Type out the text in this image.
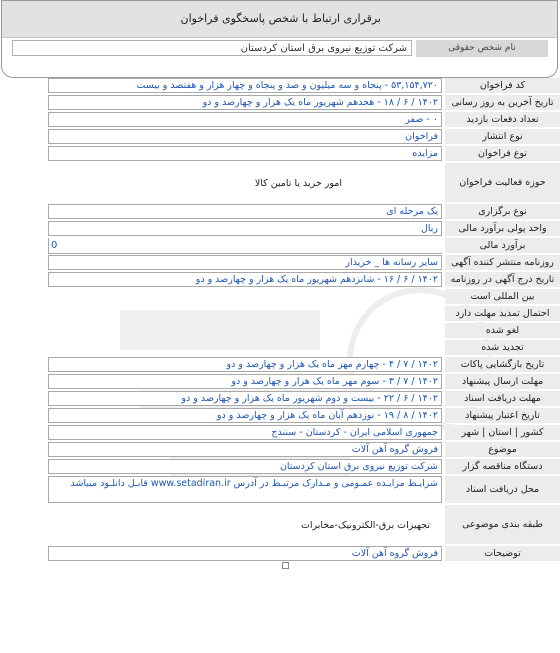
برقراری ارتباط با شخص پاسخگوی فراخوان
شرکت توزیع نیروی برق استان کردستان	نام شخص حقوقی
کد فراخوان
۵۳,۱۵۴,۷۲۰ - پنجاه و سه میلیون و صد و پنجاه و چهار هزار و هفتصد و بیست
تاریخ آخرین به روز رسانی
۱۴۰۲ / ۶ / ۱۸ - هجدهم شهریور ماه یک هزار و چهارصد و دو
تعداد دفعات بازدید
۰ - صفر
نوع انتشار
فراخوان
نوع فراخوان
مزایده
حوزه فعالیت فراخوان
امور خرید یا تامین کالا
نوع برگزاری
یک مرحله ای
واحد پولی برآورد مالی
ریال
برآورد مالی
0
روزنامه منتشر کننده آگهی
سایر رسانه ها _ خریدار
تاریخ درج آگهی در روزنامه
۱۴۰۲ / ۶ / ۱۶ - شانزدهم شهریور ماه یک هزار و چهارصد و دو
بین المللی است
احتمال تمدید مهلت دارد
لغو شده
تجدید شده
تاریخ بازگشایی پاکات
۱۴۰۲ / ۷ / ۴ - چهارم مهر ماه یک هزار و چهارصد و دو
مهلت ارسال پیشنهاد
۱۴۰۲ / ۷ / ۳ - سوم مهر ماه یک هزار و چهارصد و دو
مهلت دریافت اسناد
۱۴۰۲ / ۶ / ۲۲ - بیست و دوم شهریور ماه یک هزار و چهارصد و دو
تاریخ اعتبار پیشنهاد
۱۴۰۲ / ۸ / ۱۹ - نوزدهم آبان ماه یک هزار و چهارصد و دو
کشور | استان | شهر
جمهوری اسلامی ایران - کردستان - سنندج
موضوع
فروش گروه آهن آلات
دستگاه مناقصه گزار
شرکت توزیع نیروی برق استان کردستان
محل دریافت اسناد
شرایـط مزایـده عمـومی و مـدارک مرتبـط در آدرس www.setadiran.ir قابـل دانلـود میباشد
طبقه بندی موضوعی
تجهیزات برق-الکترونیک-مخابرات
توضیحات
فروش گروه آهن آلات
